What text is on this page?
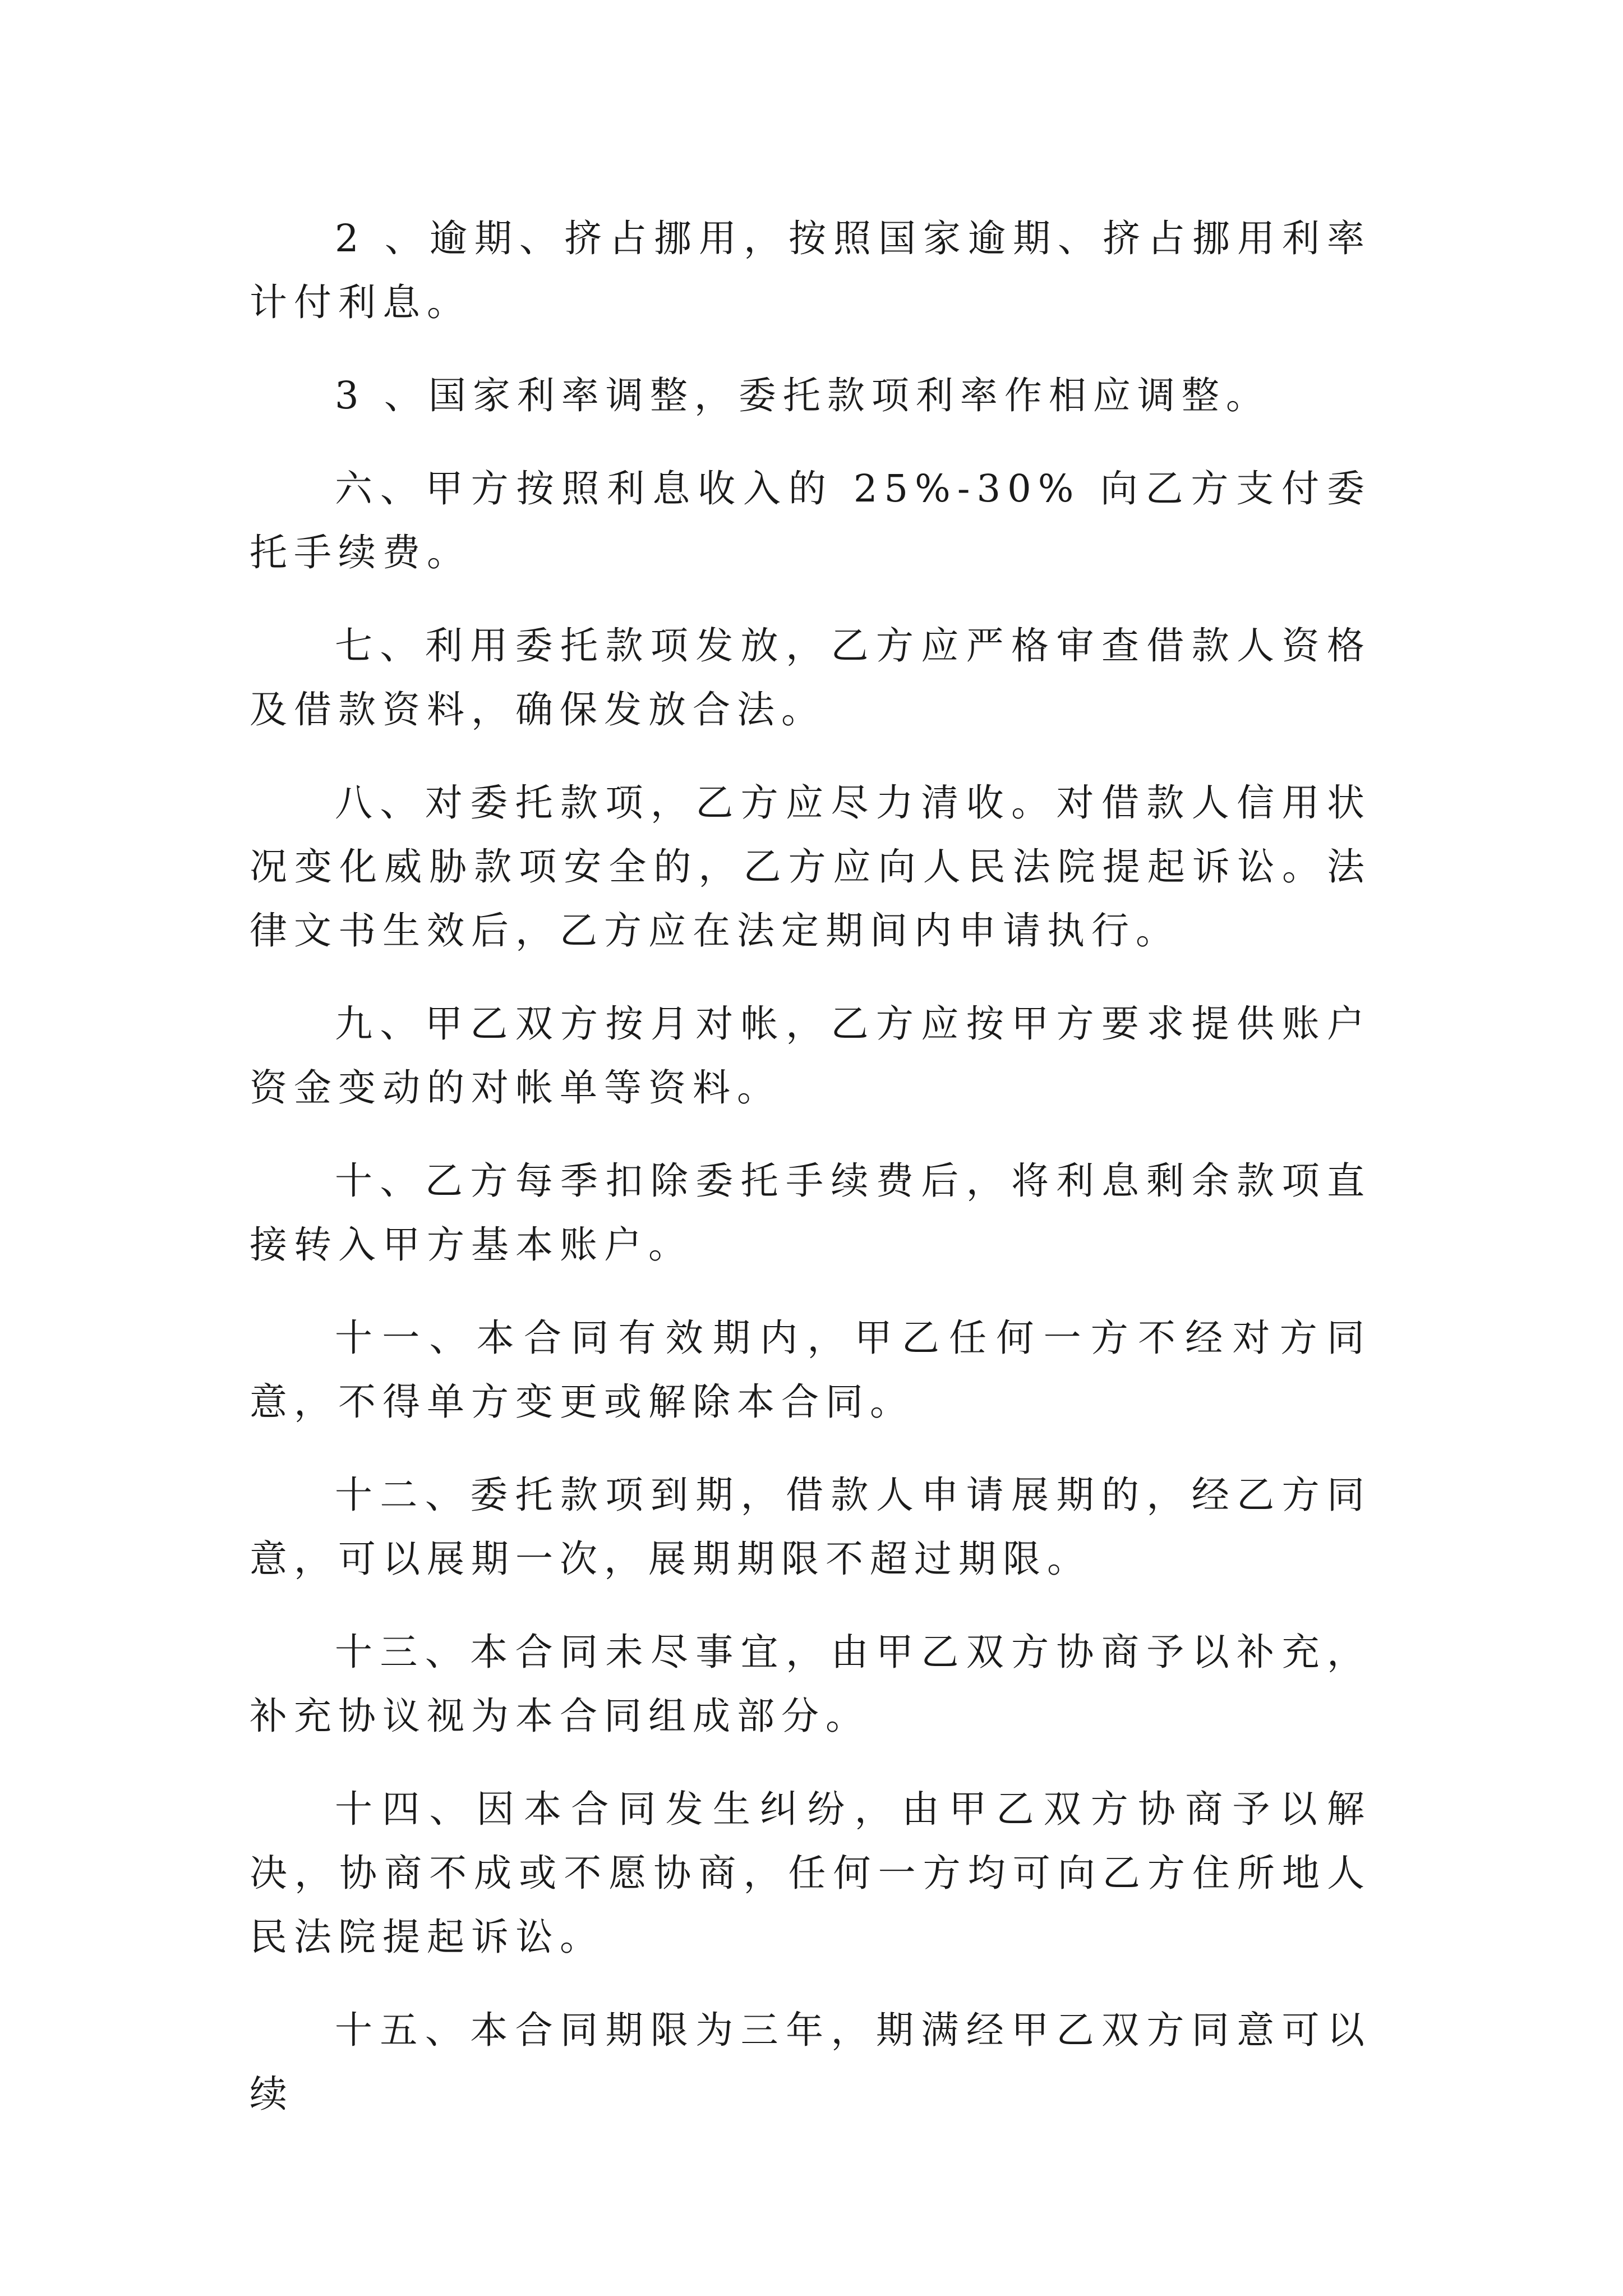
2 、逾期、挤占挪用，按照国家逾期、挤占挪用利率计付利息。

3 、国家利率调整，委托款项利率作相应调整。

六、甲方按照利息收入的 25%-30% 向乙方支付委托手续费。

七、利用委托款项发放，乙方应严格审查借款人资格及借款资料，确保发放合法。

八、对委托款项，乙方应尽力清收。对借款人信用状况变化威胁款项安全的，乙方应向人民法院提起诉讼。法律文书生效后，乙方应在法定期间内申请执行。

九、甲乙双方按月对帐，乙方应按甲方要求提供账户资金变动的对帐单等资料。

十、乙方每季扣除委托手续费后，将利息剩余款项直接转入甲方基本账户。

十一、本合同有效期内，甲乙任何一方不经对方同意，不得单方变更或解除本合同。

十二、委托款项到期，借款人申请展期的，经乙方同意，可以展期一次，展期期限不超过期限。

十三、本合同未尽事宜，由甲乙双方协商予以补充，补充协议视为本合同组成部分。

十四、因本合同发生纠纷，由甲乙双方协商予以解决，协商不成或不愿协商，任何一方均可向乙方住所地人民法院提起诉讼。

十五、本合同期限为三年，期满经甲乙双方同意可以续
